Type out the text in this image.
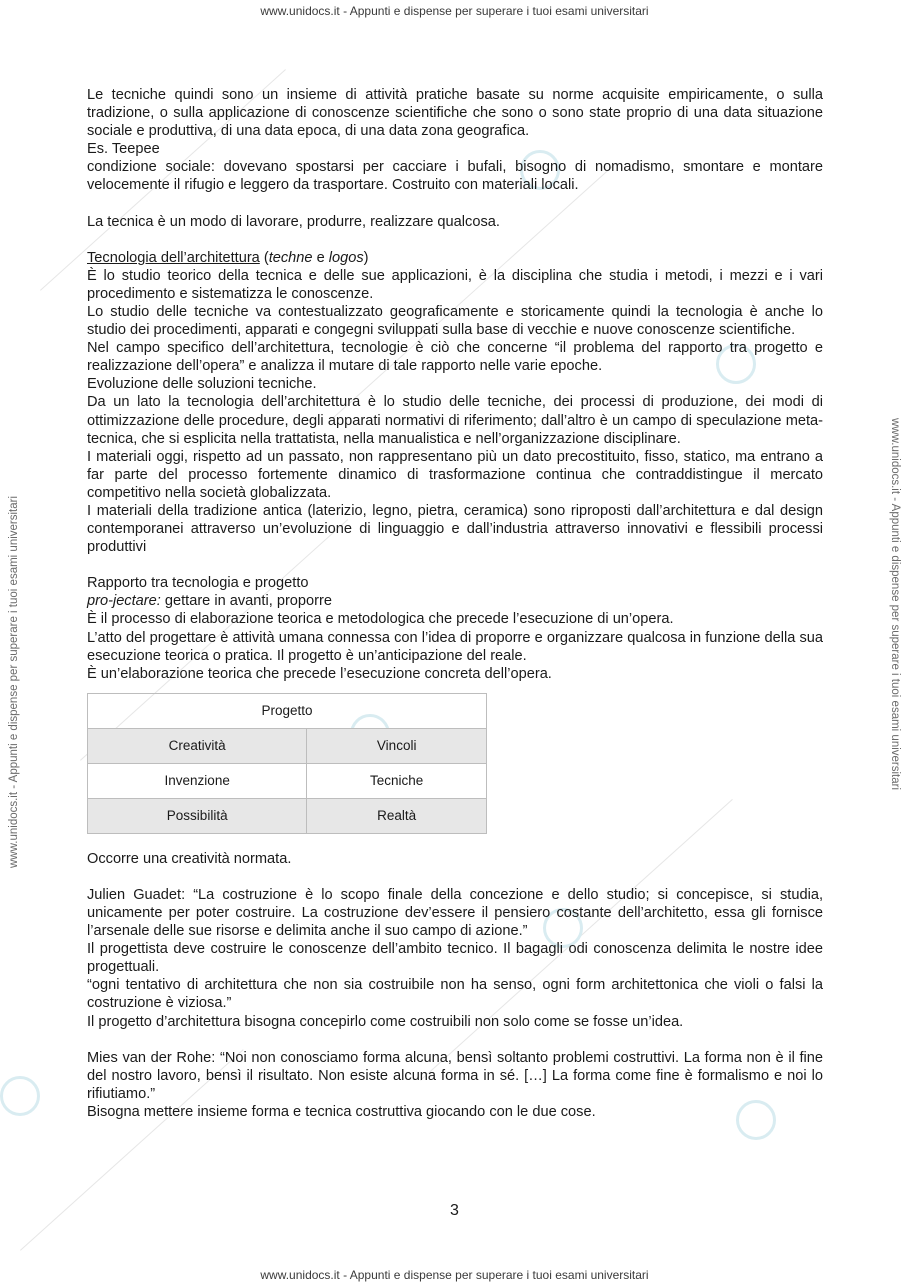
www.unidocs.it - Appunti e dispense per superare i tuoi esami universitari
www.unidocs.it - Appunti e dispense per superare i tuoi esami universitari	www.unidocs.it - Appunti e dispense per superare i tuoi esami universitari

Le tecniche quindi sono un insieme di attività pratiche basate su norme acquisite empiricamente, o sulla tradizione, o sulla applicazione di conoscenze scientifiche che sono o sono state proprio di una data situazione sociale e produttiva, di una data epoca, di una data zona geografica.

Es. Teepee

condizione sociale: dovevano spostarsi per cacciare i bufali, bisogno di nomadismo, smontare e montare velocemente il rifugio e leggero da trasportare. Costruito con materiali locali.

La tecnica è un modo di lavorare, produrre, realizzare qualcosa.

Tecnologia dell’architettura (techne e logos)

È lo studio teorico della tecnica e delle sue applicazioni, è la disciplina che studia i metodi, i mezzi e i vari procedimento e sistematizza le conoscenze.

Lo studio delle tecniche va contestualizzato geograficamente e storicamente quindi la tecnologia è anche lo studio dei procedimenti, apparati e congegni sviluppati sulla base di vecchie e nuove conoscenze scientifiche.

Nel campo specifico dell’architettura, tecnologie è ciò che concerne “il problema del rapporto tra progetto e realizzazione dell’opera” e analizza il mutare di tale rapporto nelle varie epoche.

Evoluzione delle soluzioni tecniche.

Da un lato la tecnologia dell’architettura è lo studio delle tecniche, dei processi di produzione, dei modi di ottimizzazione delle procedure, degli apparati normativi di riferimento; dall’altro è un campo di speculazione meta-tecnica, che si esplicita nella trattatista, nella manualistica e nell’organizzazione disciplinare.

I materiali oggi, rispetto ad un passato, non rappresentano più un dato precostituito, fisso, statico, ma entrano a far parte del processo fortemente dinamico di trasformazione continua che contraddistingue il mercato competitivo nella società globalizzata.

I materiali della tradizione antica (laterizio, legno, pietra, ceramica) sono riproposti dall’architettura e dal design contemporanei attraverso un’evoluzione di linguaggio e dall’industria attraverso innovativi e flessibili processi produttivi

Rapporto tra tecnologia e progetto

pro-jectare: gettare in avanti, proporre

È il processo di elaborazione teorica e metodologica che precede l’esecuzione di un’opera.

L’atto del progettare è attività umana connessa con l’idea di proporre e organizzare qualcosa in funzione della sua esecuzione teorica o pratica. Il progetto è un’anticipazione del reale.

È un’elaborazione teorica che precede l’esecuzione concreta dell’opera.

Progetto	
Creatività	Vincoli
Invenzione	Tecniche
Possibilità	Realtà

Occorre una creatività normata.

Julien Guadet: “La costruzione è lo scopo finale della concezione e dello studio; si concepisce, si studia, unicamente per poter costruire. La costruzione dev’essere il pensiero costante dell’architetto, essa gli fornisce l’arsenale delle sue risorse e delimita anche il suo campo di azione.”

Il progettista deve costruire le conoscenze dell’ambito tecnico. Il bagagli odi conoscenza delimita le nostre idee progettuali.

“ogni tentativo di architettura che non sia costruibile non ha senso, ogni form architettonica che violi o falsi la costruzione è viziosa.”

Il progetto d’architettura bisogna concepirlo come costruibili non solo come se fosse un’idea.

Mies van der Rohe: “Noi non conosciamo forma alcuna, bensì soltanto problemi costruttivi. La forma non è il fine del nostro lavoro, bensì il risultato. Non esiste alcuna forma in sé. […] La forma come fine è formalismo e noi lo rifiutiamo.”

Bisogna mettere insieme forma e tecnica costruttiva giocando con le due cose.

3
www.unidocs.it - Appunti e dispense per superare i tuoi esami universitari
